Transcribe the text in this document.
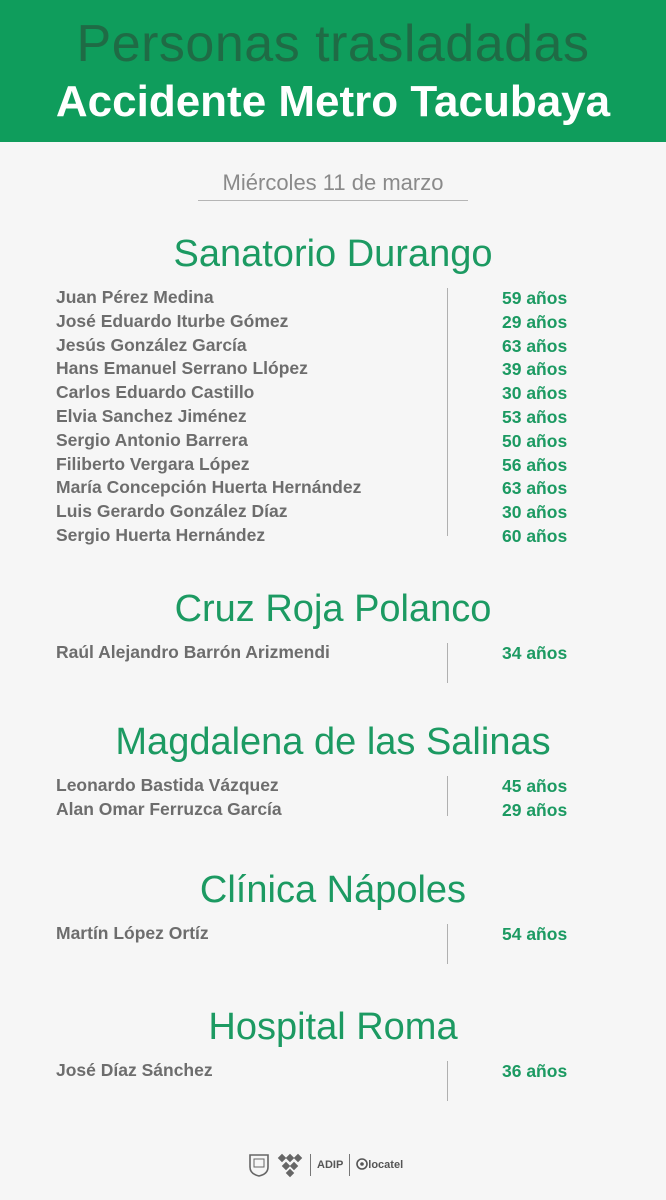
Personas trasladadas
Accidente Metro Tacubaya
Miércoles 11 de marzo
Sanatorio Durango
Juan Pérez Medina	59 años
José Eduardo Iturbe Gómez	29 años
Jesús González García	63 años
Hans Emanuel Serrano Llópez	39 años
Carlos Eduardo Castillo	30 años
Elvia Sanchez Jiménez	53 años
Sergio Antonio Barrera	50 años
Filiberto Vergara López	56 años
María Concepción Huerta Hernández	63 años
Luis Gerardo González Díaz	30 años
Sergio Huerta Hernández	60 años
Cruz Roja Polanco
Raúl Alejandro Barrón Arizmendi	34 años
Magdalena de las Salinas
Leonardo Bastida Vázquez	45 años
Alan Omar Ferruzca García	29 años
Clínica Nápoles
Martín López Ortíz	54 años
Hospital Roma
José Díaz Sánchez	36 años
ADIP locatel
